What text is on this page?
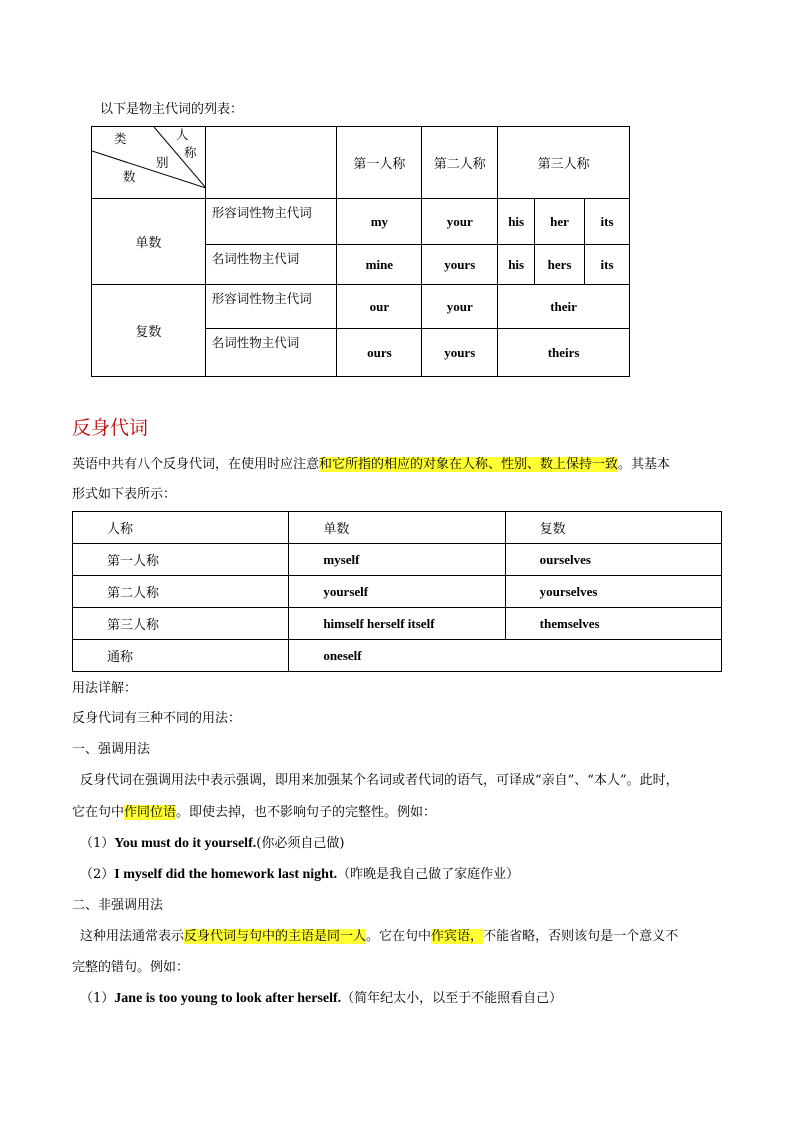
以下是物主代词的列表：
类 人
称
别
数		第一人称	第二人称	第三人称		
单数	形容词性物主代词	my	your	his	her	its
	名词性物主代词	mine	yours	his	hers	its
复数	形容词性物主代词	our	your	their		
	名词性物主代词	ours	yours	theirs		
反身代词
英语中共有八个反身代词，在使用时应注意和它所指的相应的对象在人称、性别、数上保持一致。其基本
形式如下表所示：
人称	单数	复数
第一人称	myself	ourselves
第二人称	yourself	yourselves
第三人称	himself herself itself	themselves
通称	oneself	
用法详解：
反身代词有三种不同的用法：
一、强调用法
反身代词在强调用法中表示强调，即用来加强某个名词或者代词的语气，可译成“亲自”、“本人”。此时，
它在句中作同位语。即使去掉，也不影响句子的完整性。例如：
（1）You must do it yourself.(你必须自己做)
（2）I myself did the homework last night.（昨晚是我自己做了家庭作业）
二、非强调用法
这种用法通常表示反身代词与句中的主语是同一人。它在句中作宾语，不能省略，否则该句是一个意义不
完整的错句。例如：
（1）Jane is too young to look after herself.（简年纪太小，以至于不能照看自己）
